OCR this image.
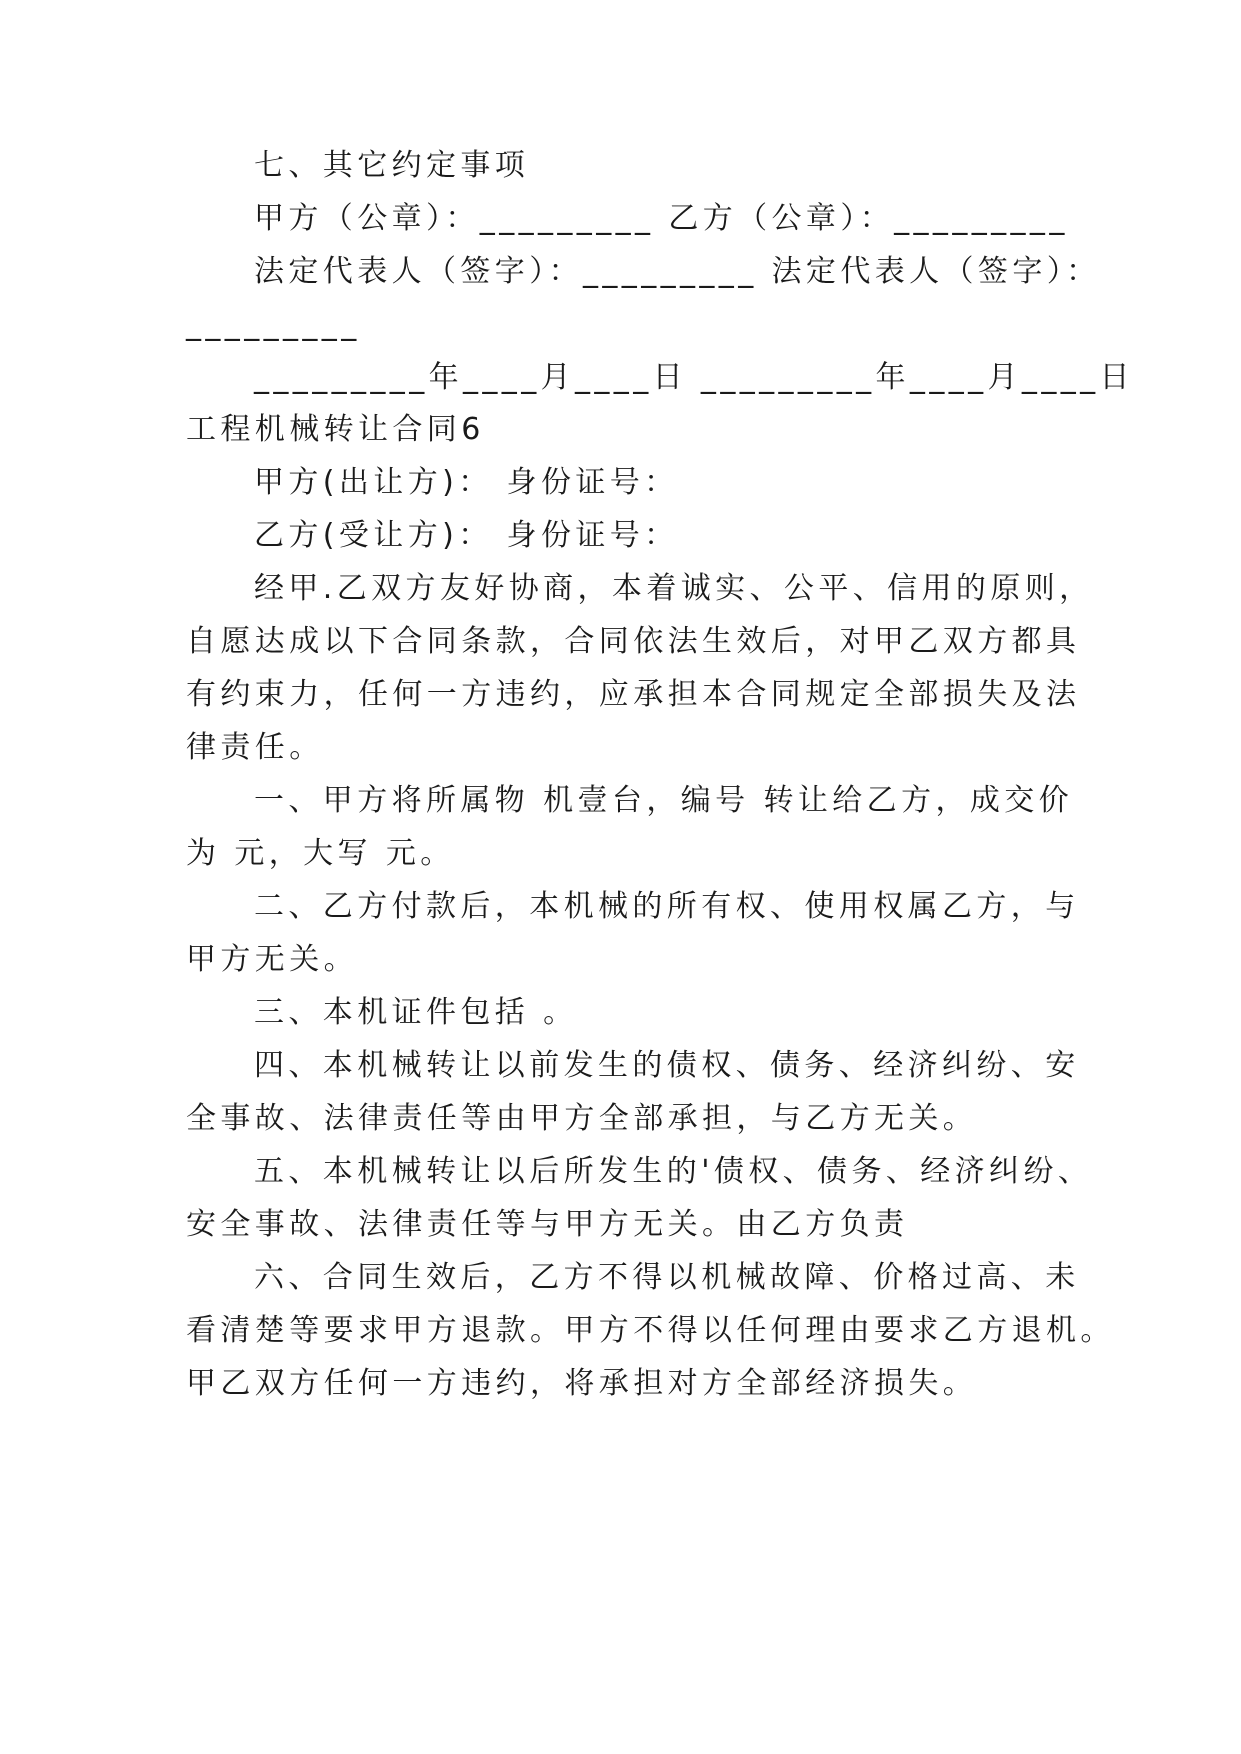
七、其它约定事项

甲方（公章）：_________ 乙方（公章）：_________

法定代表人（签字）：_________ 法定代表人（签字）：

_________

_________年____月____日 _________年____月____日

工程机械转让合同6

甲方(出让方)： 身份证号：

乙方(受让方)： 身份证号：

经甲.乙双方友好协商，本着诚实、公平、信用的原则，

自愿达成以下合同条款，合同依法生效后，对甲乙双方都具

有约束力，任何一方违约，应承担本合同规定全部损失及法

律责任。

一、甲方将所属物 机壹台，编号 转让给乙方，成交价

为 元，大写 元。

二、乙方付款后，本机械的所有权、使用权属乙方，与

甲方无关。

三、本机证件包括 。

四、本机械转让以前发生的债权、债务、经济纠纷、安

全事故、法律责任等由甲方全部承担，与乙方无关。

五、本机械转让以后所发生的'债权、债务、经济纠纷、

安全事故、法律责任等与甲方无关。由乙方负责

六、合同生效后，乙方不得以机械故障、价格过高、未

看清楚等要求甲方退款。甲方不得以任何理由要求乙方退机。

甲乙双方任何一方违约，将承担对方全部经济损失。
